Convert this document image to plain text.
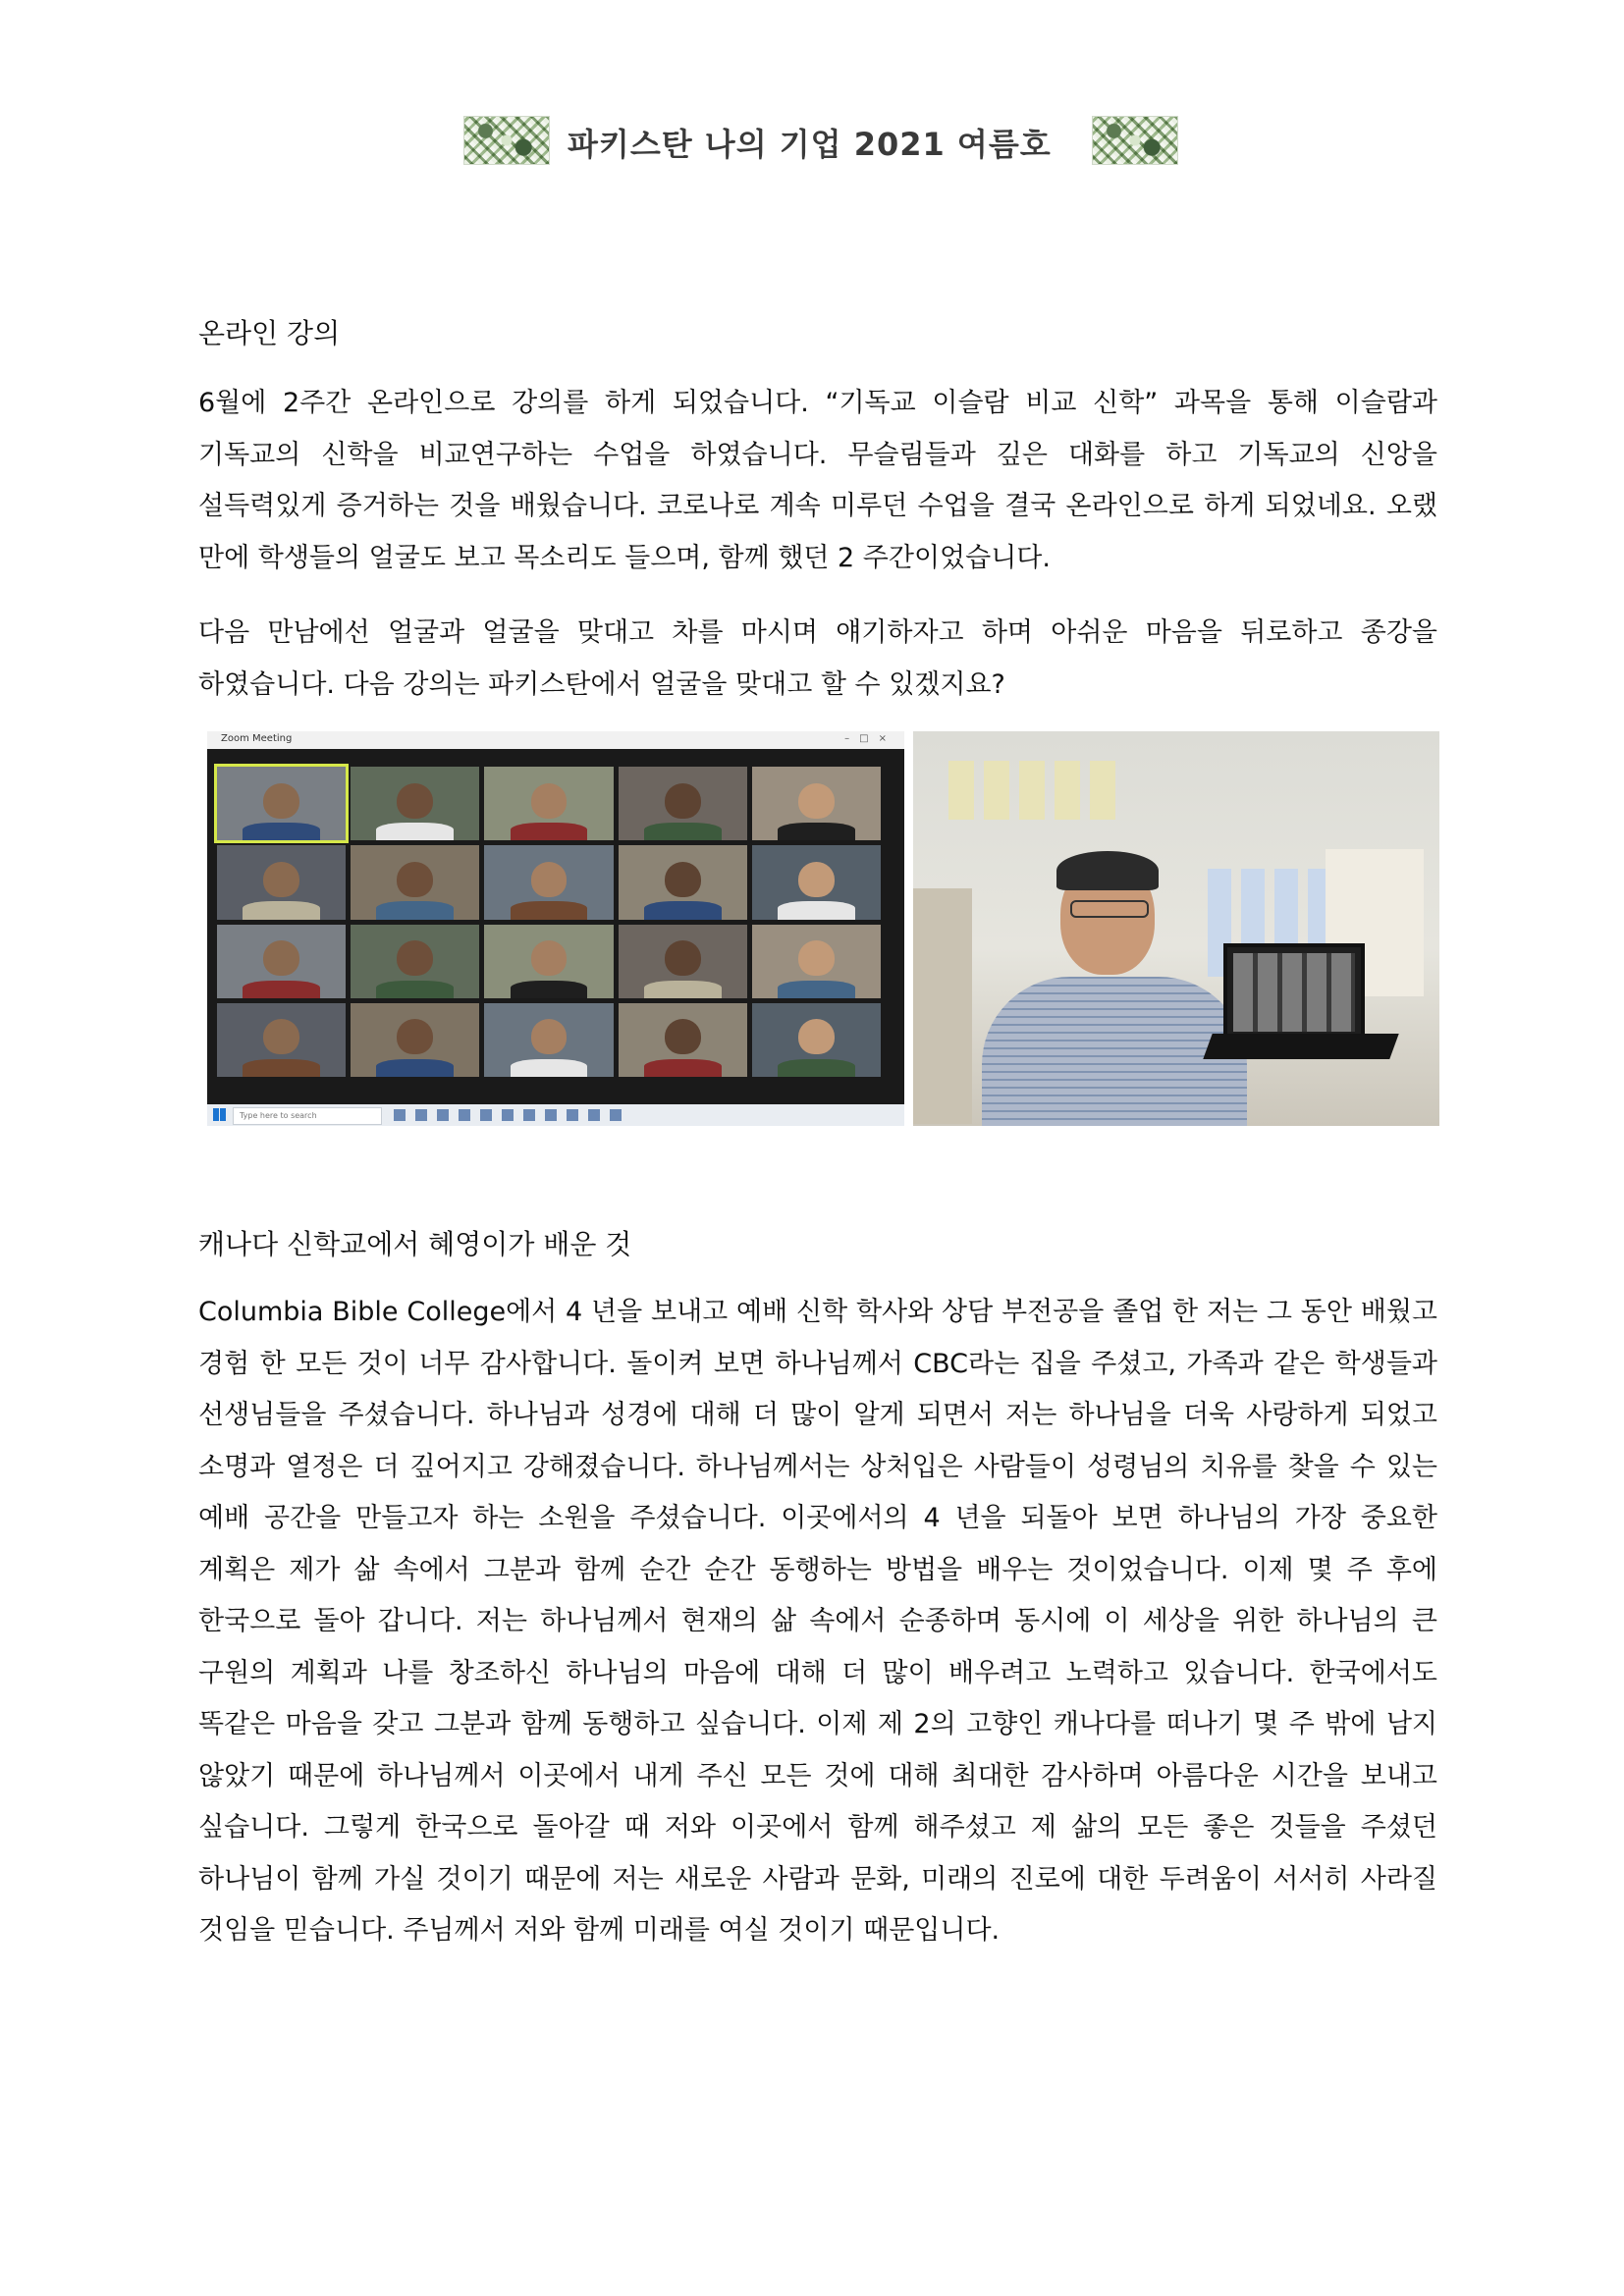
파키스탄 나의 기업 2021 여름호
온라인 강의

6월에 2주간 온라인으로 강의를 하게 되었습니다. “기독교 이슬람 비교 신학” 과목을 통해 이슬람과 기독교의 신학을 비교연구하는 수업을 하였습니다. 무슬림들과 깊은 대화를 하고 기독교의 신앙을 설득력있게 증거하는 것을 배웠습니다. 코로나로 계속 미루던 수업을 결국 온라인으로 하게 되었네요. 오랬 만에 학생들의 얼굴도 보고 목소리도 들으며, 함께 했던 2 주간이었습니다.

다음 만남에선 얼굴과 얼굴을 맞대고 차를 마시며 얘기하자고 하며 아쉬운 마음을 뒤로하고 종강을 하였습니다. 다음 강의는 파키스탄에서 얼굴을 맞대고 할 수 있겠지요?

Zoom Meeting	–□×
Type here to search
캐나다 신학교에서 혜영이가 배운 것

Columbia Bible College에서 4 년을 보내고 예배 신학 학사와 상담 부전공을 졸업 한 저는 그 동안 배웠고 경험 한 모든 것이 너무 감사합니다. 돌이켜 보면 하나님께서 CBC라는 집을 주셨고, 가족과 같은 학생들과 선생님들을 주셨습니다. 하나님과 성경에 대해 더 많이 알게 되면서 저는 하나님을 더욱 사랑하게 되었고 소명과 열정은 더 깊어지고 강해졌습니다. 하나님께서는 상처입은 사람들이 성령님의 치유를 찾을 수 있는 예배 공간을 만들고자 하는 소원을 주셨습니다. 이곳에서의 4 년을 되돌아 보면 하나님의 가장 중요한 계획은 제가 삶 속에서 그분과 함께 순간 순간 동행하는 방법을 배우는 것이었습니다. 이제 몇 주 후에 한국으로 돌아 갑니다. 저는 하나님께서 현재의 삶 속에서 순종하며 동시에 이 세상을 위한 하나님의 큰 구원의 계획과 나를 창조하신 하나님의 마음에 대해 더 많이 배우려고 노력하고 있습니다. 한국에서도 똑같은 마음을 갖고 그분과 함께 동행하고 싶습니다. 이제 제 2의 고향인 캐나다를 떠나기 몇 주 밖에 남지 않았기 때문에 하나님께서 이곳에서 내게 주신 모든 것에 대해 최대한 감사하며 아름다운 시간을 보내고 싶습니다. 그렇게 한국으로 돌아갈 때 저와 이곳에서 함께 해주셨고 제 삶의 모든 좋은 것들을 주셨던 하나님이 함께 가실 것이기 때문에 저는 새로운 사람과 문화, 미래의 진로에 대한 두려움이 서서히 사라질 것임을 믿습니다. 주님께서 저와 함께 미래를 여실 것이기 때문입니다.
